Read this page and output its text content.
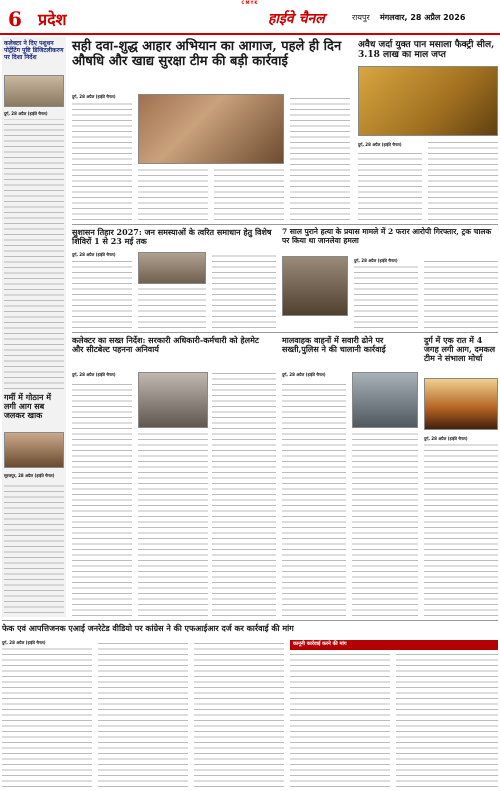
CMYK
6 प्रदेश	हाईवे चैनल	रायपुर मंगलवार, 28 अप्रैल 2026
कलेक्टर ने दिए पशुधन पोर्ट्रेटिंग पुष्टि डिजिटलीकरण पर दिशा निर्देश
दुर्ग, 28 अप्रैल (हाईवे चैनल)
गर्मी में गोठान में लगी आग सब जलकर खाक
सूरजपुर, 28 अप्रैल (हाईवे चैनल)
सही दवा-शुद्ध आहार अभियान का आगाज, पहले ही दिन औषधि और खाद्य सुरक्षा टीम की बड़ी कार्रवाई
दुर्ग, 28 अप्रैल (हाईवे चैनल)
अवैध जर्दा युक्त पान मसाला फैक्ट्री सील, 3.18 लाख का माल जप्त
दुर्ग, 28 अप्रैल (हाईवे चैनल)
सुशासन तिहार 2027: जन समस्याओं के त्वरित समाधान हेतु विशेष शिविरों 1 से 23 मई तक
दुर्ग, 28 अप्रैल (हाईवे चैनल)
7 साल पुराने हत्या के प्रयास मामले में 2 फरार आरोपी गिरफ्तार, ट्रक चालक पर किया था जानलेवा हमला
दुर्ग, 28 अप्रैल (हाईवे चैनल)
दुर्ग में एक रात में 4 जगह लगी आग, दमकल टीम ने संभाला मोर्चा
दुर्ग, 28 अप्रैल (हाईवे चैनल)
कलेक्टर का सख्त निर्देश: सरकारी अधिकारी-कर्मचारी को हेलमेट और सीटबेल्ट पहनना अनिवार्य
दुर्ग, 28 अप्रैल (हाईवे चैनल)
मालवाहक वाहनों में सवारी ढोने पर सख्ती,पुलिस ने की चालानी कार्रवाई
दुर्ग, 28 अप्रैल (हाईवे चैनल)
फेक एवं आपत्तिजनक एआई जनरेटेड वीडियो पर कांग्रेस ने की एफआईआर दर्ज कर कार्रवाई की मांग
दुर्ग, 28 अप्रैल (हाईवे चैनल)	कानूनी कार्रवाई करने की मांग
